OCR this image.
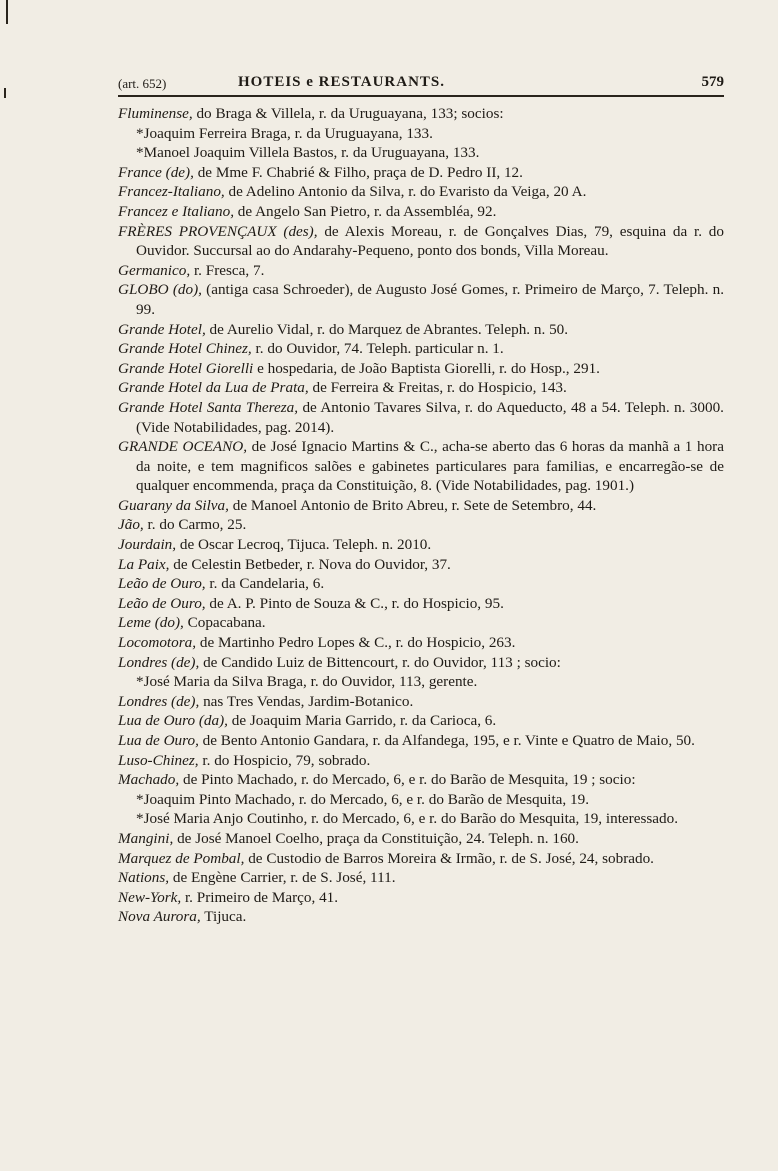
(art. 652)	HOTEIS e RESTAURANTS.	579
Fluminense, do Braga & Villela, r. da Uruguayana, 133; socios:
*Joaquim Ferreira Braga, r. da Uruguayana, 133.
*Manoel Joaquim Villela Bastos, r. da Uruguayana, 133.
France (de), de Mme F. Chabrié & Filho, praça de D. Pedro II, 12.
Francez-Italiano, de Adelino Antonio da Silva, r. do Evaristo da Veiga, 20 A.
Francez e Italiano, de Angelo San Pietro, r. da Assembléa, 92.
FRÈRES PROVENÇAUX (des), de Alexis Moreau, r. de Gonçalves Dias, 79, esquina da r. do Ouvidor. Succursal ao do Andarahy-Pequeno, ponto dos bonds, Villa Moreau.
Germanico, r. Fresca, 7.
GLOBO (do), (antiga casa Schroeder), de Augusto José Gomes, r. Primeiro de Março, 7. Teleph. n. 99.
Grande Hotel, de Aurelio Vidal, r. do Marquez de Abrantes. Teleph. n. 50.
Grande Hotel Chinez, r. do Ouvidor, 74. Teleph. particular n. 1.
Grande Hotel Giorelli e hospedaria, de João Baptista Giorelli, r. do Hosp., 291.
Grande Hotel da Lua de Prata, de Ferreira & Freitas, r. do Hospicio, 143.
Grande Hotel Santa Thereza, de Antonio Tavares Silva, r. do Aqueducto, 48 a 54. Teleph. n. 3000. (Vide Notabilidades, pag. 2014).
GRANDE OCEANO, de José Ignacio Martins & C., acha-se aberto das 6 horas da manhã a 1 hora da noite, e tem magnificos salões e gabinetes particulares para familias, e encarregão-se de qualquer encommenda, praça da Constituição, 8. (Vide Notabilidades, pag. 1901.)
Guarany da Silva, de Manoel Antonio de Brito Abreu, r. Sete de Setembro, 44.
Jão, r. do Carmo, 25.
Jourdain, de Oscar Lecroq, Tijuca. Teleph. n. 2010.
La Paix, de Celestin Betbeder, r. Nova do Ouvidor, 37.
Leão de Ouro, r. da Candelaria, 6.
Leão de Ouro, de A. P. Pinto de Souza & C., r. do Hospicio, 95.
Leme (do), Copacabana.
Locomotora, de Martinho Pedro Lopes & C., r. do Hospicio, 263.
Londres (de), de Candido Luiz de Bittencourt, r. do Ouvidor, 113 ; socio:
*José Maria da Silva Braga, r. do Ouvidor, 113, gerente.
Londres (de), nas Tres Vendas, Jardim-Botanico.
Lua de Ouro (da), de Joaquim Maria Garrido, r. da Carioca, 6.
Lua de Ouro, de Bento Antonio Gandara, r. da Alfandega, 195, e r. Vinte e Quatro de Maio, 50.
Luso-Chinez, r. do Hospicio, 79, sobrado.
Machado, de Pinto Machado, r. do Mercado, 6, e r. do Barão de Mesquita, 19 ; socio:
*Joaquim Pinto Machado, r. do Mercado, 6, e r. do Barão de Mesquita, 19.
*José Maria Anjo Coutinho, r. do Mercado, 6, e r. do Barão do Mesquita, 19, interessado.
Mangini, de José Manoel Coelho, praça da Constituição, 24. Teleph. n. 160.
Marquez de Pombal, de Custodio de Barros Moreira & Irmão, r. de S. José, 24, sobrado.
Nations, de Engène Carrier, r. de S. José, 111.
New-York, r. Primeiro de Março, 41.
Nova Aurora, Tijuca.
